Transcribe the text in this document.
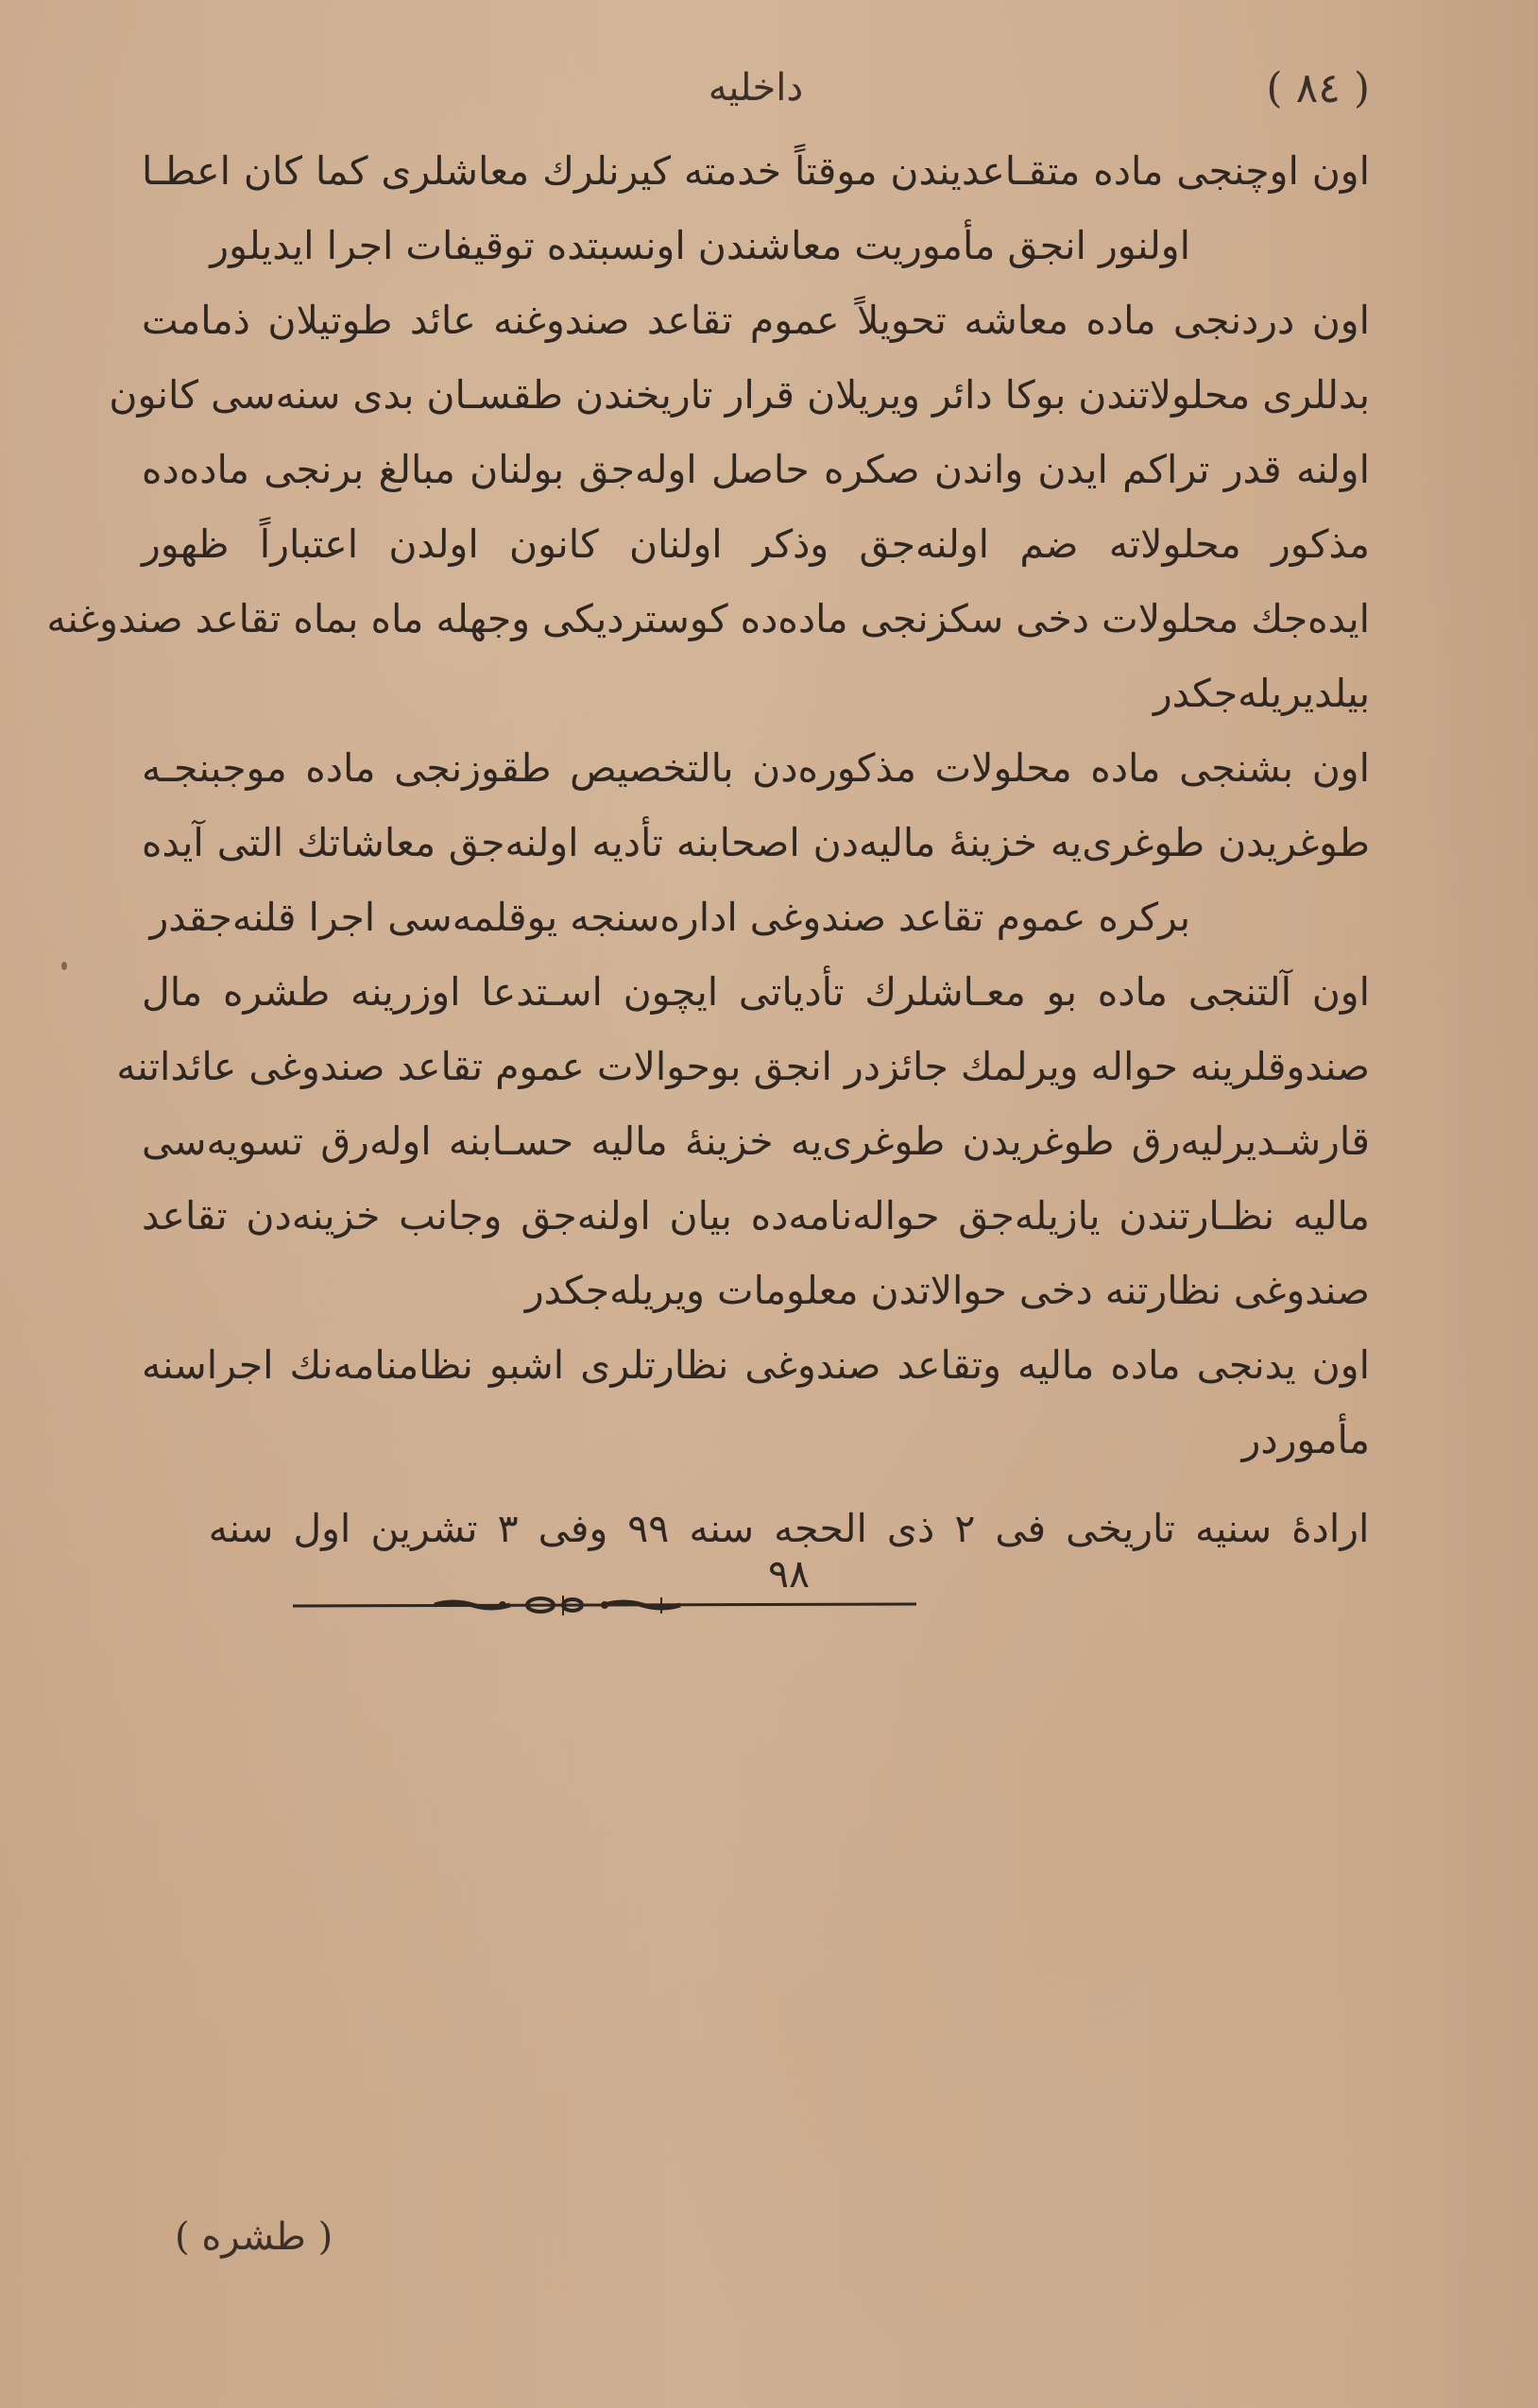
داخليه	( ٨٤ )
اون اوچنجی ماده متقـاعدیندن موقتاً خدمته کیرنلرك معاشلری کما کان اعطـا
اولنور انجق مأموریت معاشندن اونسبتده توقیفات اجرا ایدیلور
اون دردنجی ماده معاشه تحویلاً عموم تقاعد صندوغنه عائد طوتیلان ذمامت
بدللری محلولاتندن بوکا دائر ویریلان قرار تاریخندن طقسـان بدی سنه‌سی کانون
اولنه قدر تراکم ایدن واندن صکره حاصل اوله‌جق بولنان مبالغ برنجی ماده‌ده
مذکور محلولاته ضم اولنه‌جق وذکر اولنان کانون اولدن اعتباراً ظهور
ایده‌جك محلولات دخی سکزنجی ماده‌ده کوستردیکی وجهله ماه بماه تقاعد صندوغنه
بیلدیریله‌جکدر
اون بشنجی ماده محلولات مذکوره‌دن بالتخصیص طقوزنجی ماده موجبنجـه
طوغریدن طوغری‌یه خزینهٔ مالیه‌دن اصحابنه تأدیه اولنه‌جق معاشاتك التی آیده
برکره عموم تقاعد صندوغی اداره‌سنجه یوقلمه‌سی اجرا قلنه‌جقدر
اون آلتنجی ماده بو معـاشلرك تأدیاتی ایچون اسـتدعا اوزرینه طشره مال
صندوقلرینه حواله ویرلمك جائزدر انجق بوحوالات عموم تقاعد صندوغی عائداتنه
قارشـدیرلیه‌رق طوغریدن طوغری‌یه خزینهٔ مالیه حسـابنه اوله‌رق تسویه‌سی
مالیه نظـارتندن یازیله‌جق حواله‌نامه‌ده بیان اولنه‌جق وجانب خزینه‌دن تقاعد
صندوغی نظارتنه دخی حوالاتدن معلومات ویریله‌جکدر
اون یدنجی ماده مالیه وتقاعد صندوغی نظارتلری اشبو نظامنامه‌نك اجراسنه
مأموردر
ارادهٔ سنیه تاریخی فی ٢ ذی الحجه سنه ٩٩ وفی ٣ تشرین اول سنه ٩٨
( طشره )
